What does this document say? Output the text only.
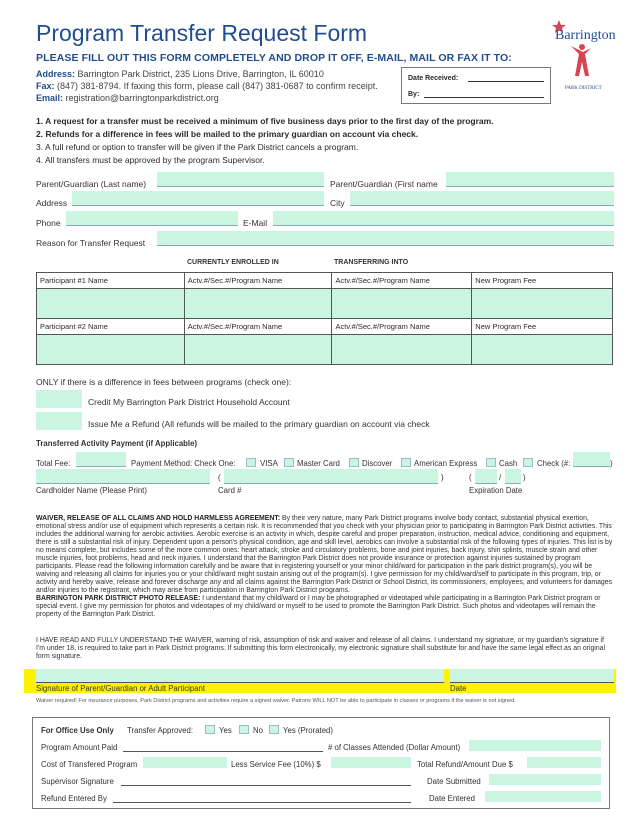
Program Transfer Request Form
PLEASE FILL OUT THIS FORM COMPLETELY AND DROP IT OFF, E-MAIL, MAIL OR FAX IT TO:
Address: Barrington Park District, 235 Lions Drive, Barrington, IL 60010
Fax: (847) 381-8794. If faxing this form, please call (847) 381-0687 to confirm receipt.
Email: registration@barringtonparkdistrict.org
Date Received:
By:
Barrington
PARK DISTRICT
1. A request for a transfer must be received a minimum of five business days prior to the first day of the program.
2. Refunds for a difference in fees will be mailed to the primary guardian on account via check.
3. A full refund or option to transfer will be given if the Park District cancels a program.
4. All transfers must be approved by the program Supervisor.
Parent/Guardian (Last name)	Parent/Guardian (First name
Address	City
Phone	E-Mail
Reason for Transfer Request
CURRENTLY ENROLLED IN	TRANSFERRING INTO
Participant #1 Name	Actv.#/Sec.#/Program Name	Actv.#/Sec.#/Program Name	New Program Fee

Participant #2 Name	Actv.#/Sec.#/Program Name	Actv.#/Sec.#/Program Name	New Program Fee

ONLY if there is a difference in fees between programs (check one):
Credit My Barrington Park District Household Account
Issue Me a Refund (All refunds will be mailed to the primary guardian on account via check
Transferred Activity Payment (if Applicable)
Total Fee:	Payment Method: Check One:	VISA Master Card	Discover	American Express	Cash	Check (#:	)
(	)	(	/	)
Cardholder Name (Please Print)	Card #	Expiration Date
WAIVER, RELEASE OF ALL CLAIMS AND HOLD HARMLESS AGREEMENT: By their very nature, many Park District programs involve body contact, substantial physical exertion, emotional stress and/or use of equipment which represents a certain risk. It is recommended that you check with your physician prior to participating in Barrington Park District activities. This includes the additional warning for aerobic activities. Aerobic exercise is an activity in which, despite careful and proper preparation, instruction, medical advice, conditioning and equipment, there is still a substantial risk of injury. Dependent upon a person's physical condition, age and skill level, aerobics can involve a substantial risk of the following types of injuries. This list is by no means complete, but includes some of the more common ones: heart attack, stroke and circulatory problems, bone and joint injuries, back injury, shin splints, muscle strain and other muscle injuries, foot problems, head and neck injuries. I understand that the Barrington Park District does not provide insurance or protection against injuries sustained by program participants. Please read the following information carefully and be aware that in registering yourself or your minor child/ward for participation in the park district program(s), you will be waiving and releasing all claims for injuries you or your child/ward might sustain arising out of the program(s). I give permission for my child/ward/self to participate in this program, trip, or activity and hereby waive, release and forever discharge any and all claims against the Barrington Park District or School District, its commissioners, employees, and volunteers for damages and/or injuries to the registrant, which may arise from participation in Barrington Park District programs.
BARRINGTON PARK DISTRICT PHOTO RELEASE: I understand that my child/ward or I may be photographed or videotaped while participating in a Barrington Park District program or special event. I give my permission for photos and videotapes of my child/ward or myself to be used to promote the Barrington Park District. Such photos and videotapes will remain the property of the Barrington Park District.
I HAVE READ AND FULLY UNDERSTAND THE WAIVER, warning of risk, assumption of risk and waiver and release of all claims. I understand my signature, or my guardian's signature if I'm under 18, is required to take part in Park District programs. If submitting this form electronically, my electronic signature shall substitute for and have the same legal effect as an original form signature.
Signature of Parent/Guardian or Adult Participant	Date
Waiver required! For insurance purposes, Park District programs and activities require a signed waiver. Patrons WILL NOT be able to participate in classes or programs if the waiver is not signed.
For Office Use Only Transfer Approved:	Yes	No	Yes (Prorated)
Program Amount Paid	# of Classes Attended (Dollar Amount)
Cost of Transfered Program	Less Service Fee (10%) $	Total Refund/Amount Due $
Supervisor Signature	Date Submitted
Refund Entered By	Date Entered
